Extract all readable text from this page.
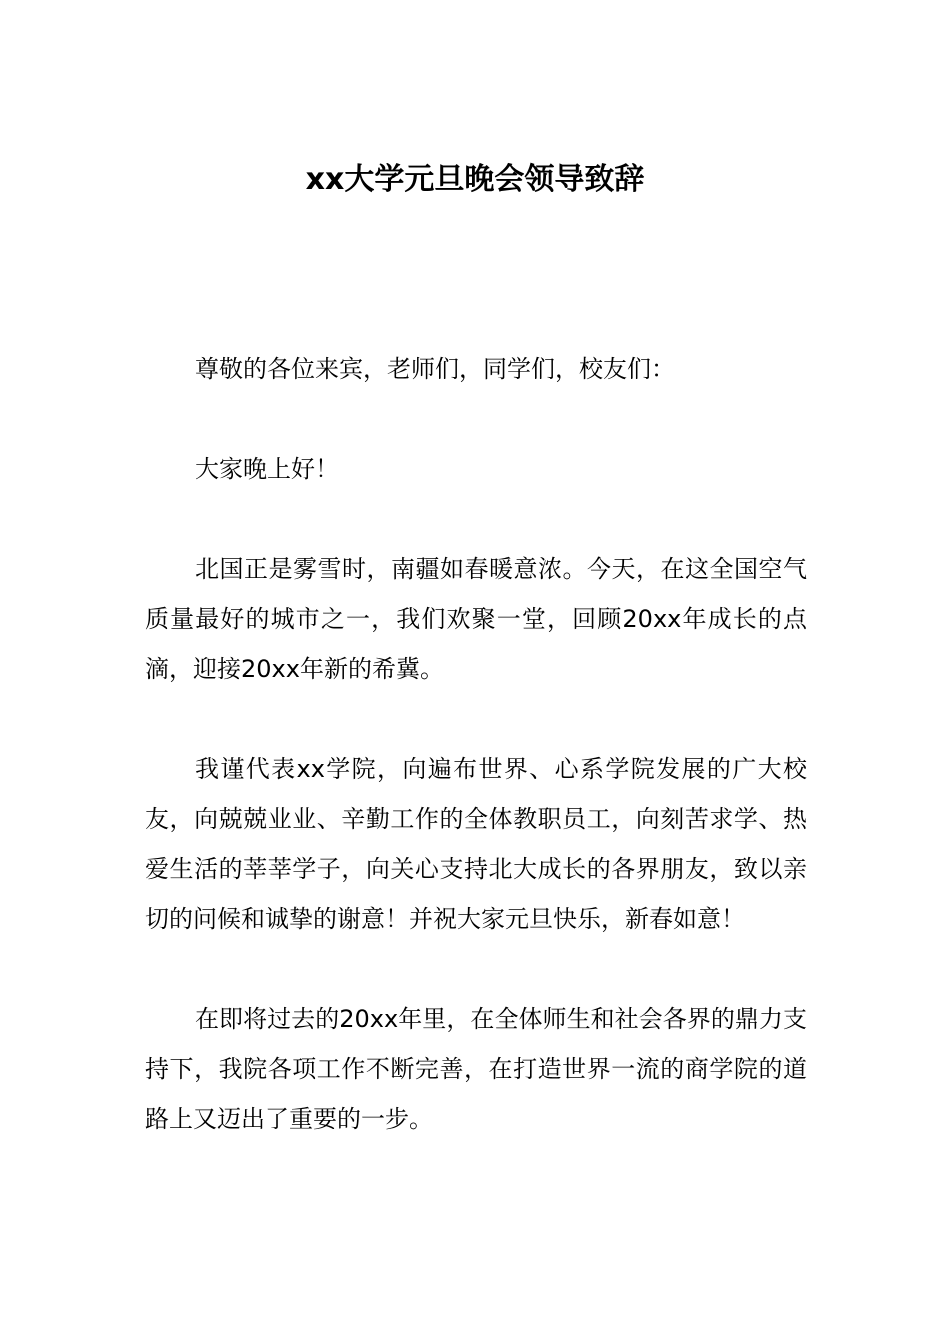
xx大学元旦晚会领导致辞

尊敬的各位来宾，老师们，同学们，校友们：

大家晚上好！

北国正是雾雪时，南疆如春暖意浓。今天，在这全国空气质量最好的城市之一，我们欢聚一堂，回顾20xx年成长的点滴，迎接20xx年新的希冀。

我谨代表xx学院，向遍布世界、心系学院发展的广大校友，向兢兢业业、辛勤工作的全体教职员工，向刻苦求学、热爱生活的莘莘学子，向关心支持北大成长的各界朋友，致以亲切的问候和诚挚的谢意！并祝大家元旦快乐，新春如意！

在即将过去的20xx年里，在全体师生和社会各界的鼎力支持下，我院各项工作不断完善，在打造世界一流的商学院的道路上又迈出了重要的一步。
